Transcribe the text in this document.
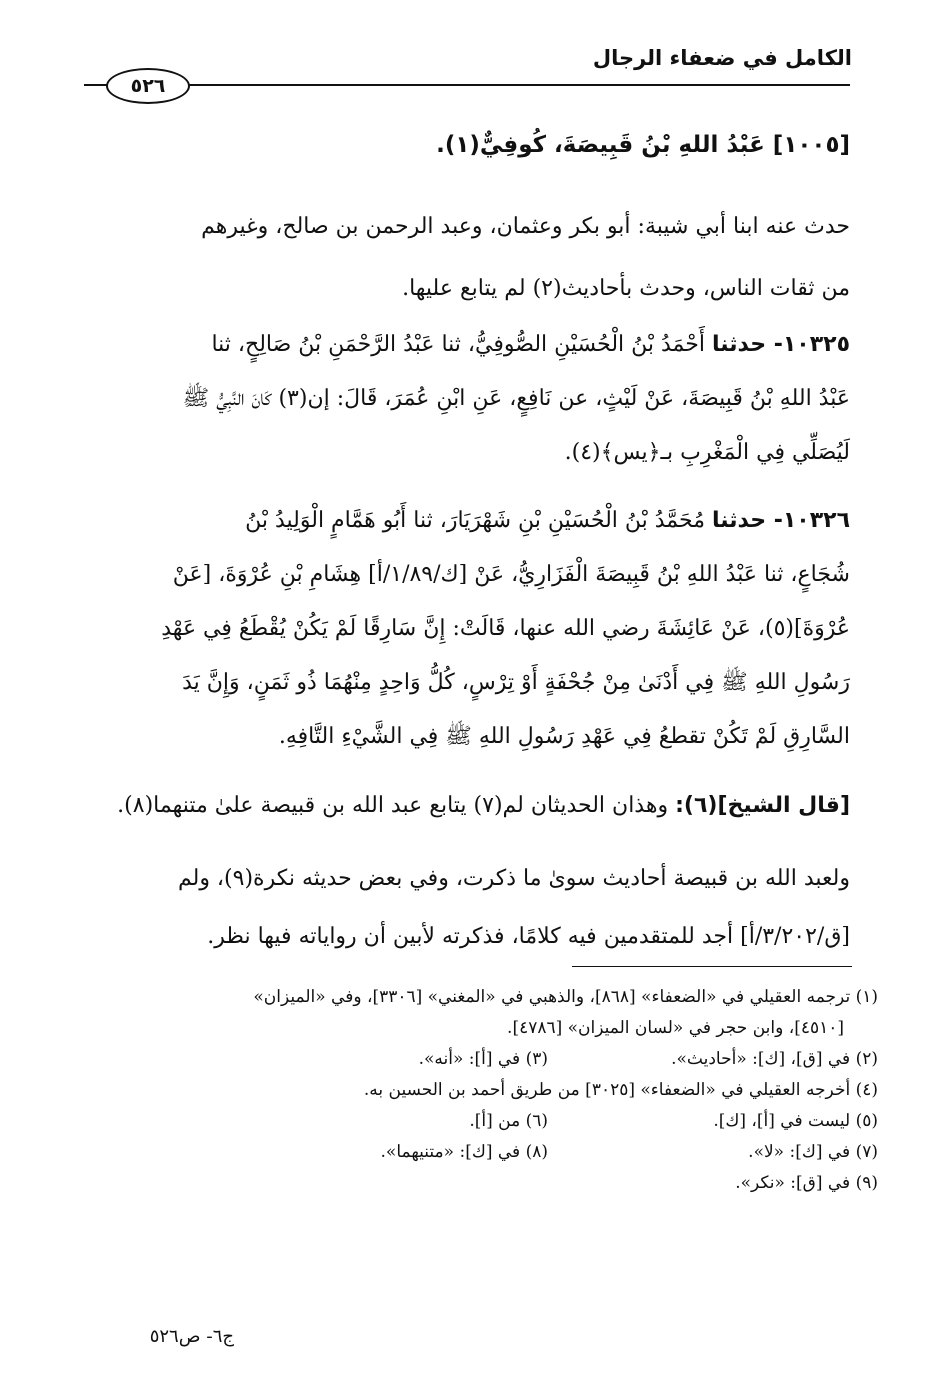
الكامل في ضعفاء الرجال
٥٢٦
[١٠٠٥] عَبْدُ اللهِ بْنُ قَبِيصَةَ، كُوفِيٌّ(١).
حدث عنه ابنا أبي شيبة: أبو بكر وعثمان، وعبد الرحمن بن صالح، وغيرهم
من ثقات الناس، وحدث بأحاديث(٢) لم يتابع عليها.
١٠٣٢٥- حدثنا أَحْمَدُ بْنُ الْحُسَيْنِ الصُّوفِيُّ، ثنا عَبْدُ الرَّحْمَنِ بْنُ صَالِحٍ، ثنا
عَبْدُ اللهِ بْنُ قَبِيصَةَ، عَنْ لَيْثٍ، عن نَافِعٍ، عَنِ ابْنِ عُمَرَ، قَالَ: إن(٣) كَانَ النَّبِيُّ ﷺ
لَيُصَلِّي فِي الْمَغْرِبِ بـ﴿يس﴾(٤).
١٠٣٢٦- حدثنا مُحَمَّدُ بْنُ الْحُسَيْنِ بْنِ شَهْرَيَارَ، ثنا أَبُو هَمَّامٍ الْوَلِيدُ بْنُ
شُجَاعٍ، ثنا عَبْدُ اللهِ بْنُ قَبِيصَةَ الْفَزَارِيُّ، عَنْ [ك/١/٨٩/أ] هِشَامِ بْنِ عُرْوَةَ، [عَنْ
عُرْوَةَ](٥)، عَنْ عَائِشَةَ رضي الله عنها، قَالَتْ: إِنَّ سَارِقًا لَمْ يَكُنْ يُقْطَعُ فِي عَهْدِ
رَسُولِ اللهِ ﷺ فِي أَدْنَىٰ مِنْ جُحْفَةٍ أَوْ تِرْسٍ، كُلُّ وَاحِدٍ مِنْهُمَا ذُو ثَمَنٍ، وَإِنَّ يَدَ
السَّارِقِ لَمْ تَكُنْ تقطعُ فِي عَهْدِ رَسُولِ اللهِ ﷺ فِي الشَّيْءِ التَّافِهِ.
[قال الشيخ](٦): وهذان الحديثان لم(٧) يتابع عبد الله بن قبيصة علىٰ متنهما(٨).
ولعبد الله بن قبيصة أحاديث سوىٰ ما ذكرت، وفي بعض حديثه نكرة(٩)، ولم
[ق/٣/٢٠٢/أ] أجد للمتقدمين فيه كلامًا، فذكرته لأبين أن رواياته فيها نظر.
(١) ترجمه العقيلي في «الضعفاء» [٨٦٨]، والذهبي في «المغني» [٣٣٠٦]، وفي «الميزان»
[٤٥١٠]، وابن حجر في «لسان الميزان» [٤٧٨٦].
(٢) في [ق]، [ك]: «أحاديث».
(٣) في [أ]: «أنه».
(٤) أخرجه العقيلي في «الضعفاء» [٣٠٢٥] من طريق أحمد بن الحسين به.
(٥) ليست في [أ]، [ك].
(٦) من [أ].
(٧) في [ك]: «لا».
(٨) في [ك]: «متنيهما».
(٩) في [ق]: «نكر».
ج٦- ص٥٢٦
